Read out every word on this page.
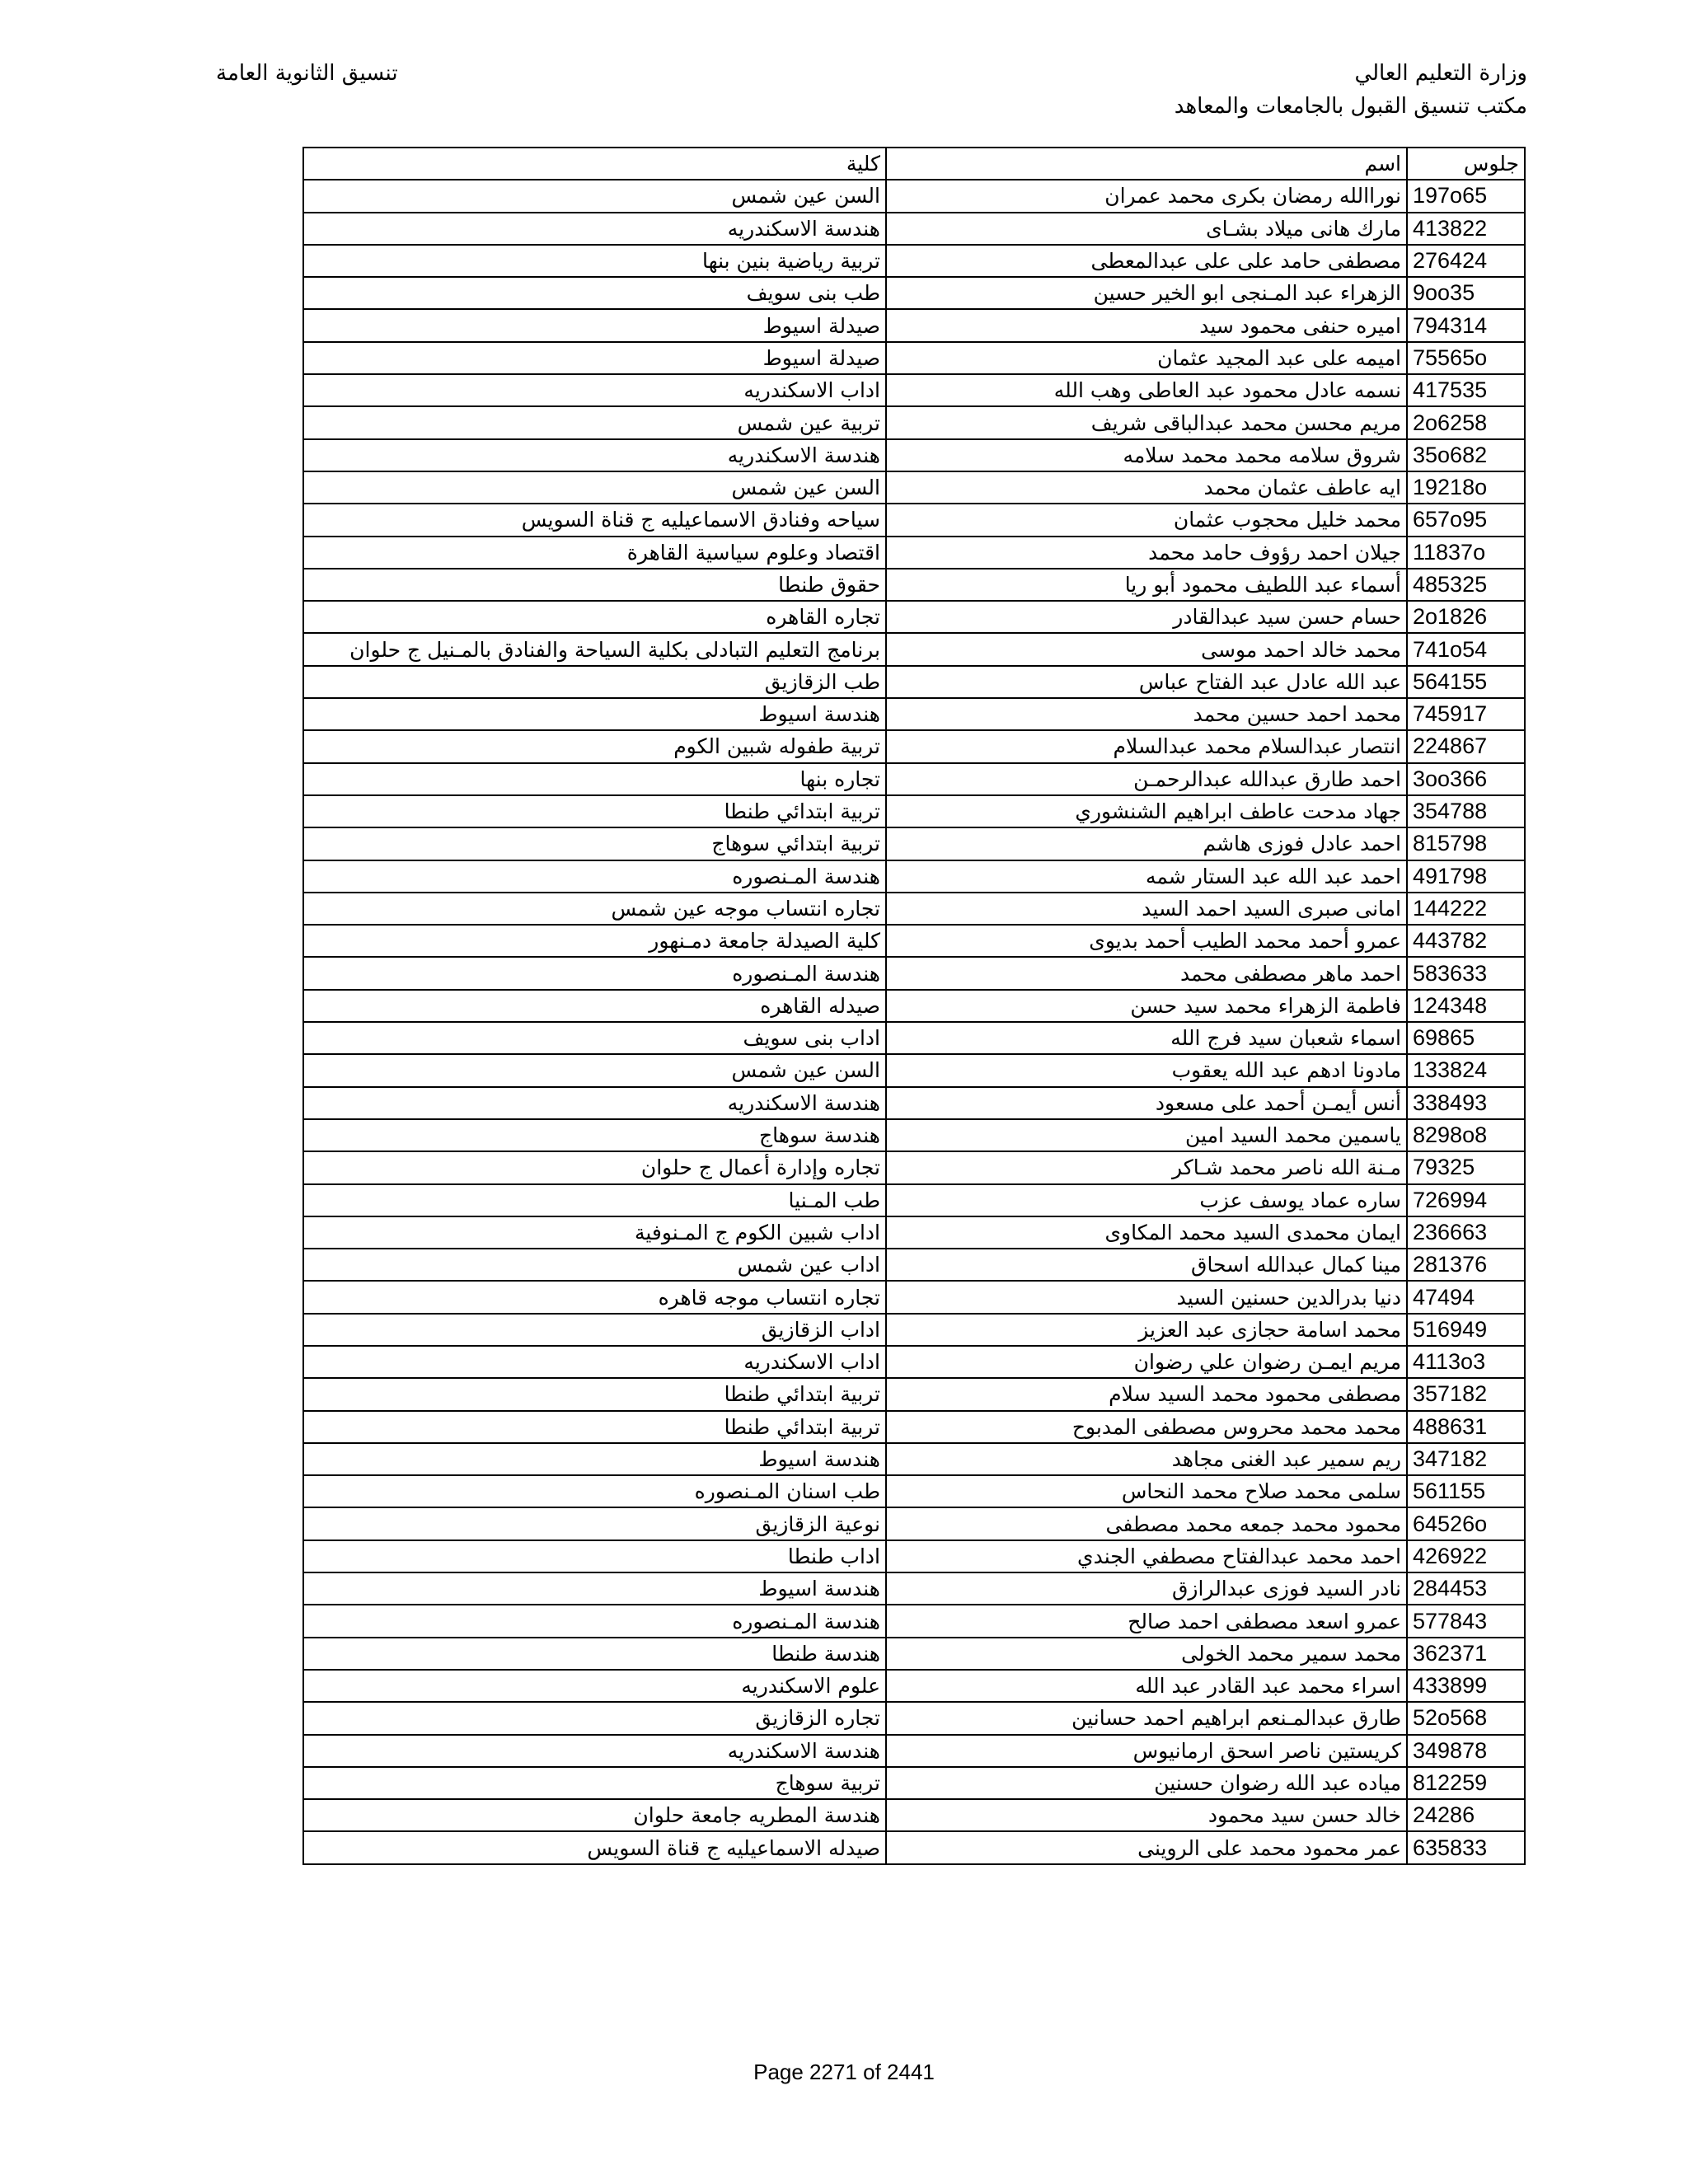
وزارة التعليم العالي
مكتب تنسيق القبول بالجامعات والمعاهد
تنسيق الثانوية العامة
جلوس	اسم	كلية
197o65	نوراالله رمضان بكرى محمد عمران	السن عين شمس
413822	مارك هانى ميلاد بشـاى	هندسة الاسكندريه
276424	مصطفى حامد على على عبدالمعطى	تربية رياضية بنين بنها
9oo35	الزهراء عبد المـنجى ابو الخير حسين	طب بنى سويف
794314	اميره حنفى محمود سيد	صيدلة اسيوط
75565o	اميمه على عبد المجيد عثمان	صيدلة اسيوط
417535	نسمه عادل محمود عبد العاطى وهب الله	اداب الاسكندريه
2o6258	مريم محسن محمد عبدالباقى شريف	تربية عين شمس
35o682	شروق سلامه محمد محمد سلامه	هندسة الاسكندريه
19218o	ايه عاطف عثمان محمد	السن عين شمس
657o95	محمد خليل محجوب عثمان	سياحه وفنادق الاسماعيليه ج قناة السويس
11837o	جيلان احمد رؤوف حامد محمد	اقتصاد وعلوم سياسية القاهرة
485325	أسماء عبد اللطيف محمود أبو ريا	حقوق طنطا
2o1826	حسام حسن سيد عبدالقادر	تجاره القاهره
741o54	محمد خالد احمد موسى	برنامج التعليم التبادلى بكلية السياحة والفنادق بالمـنيل ج حلوان
564155	عبد الله عادل عبد الفتاح عباس	طب الزقازيق
745917	محمد احمد حسين محمد	هندسة اسيوط
224867	انتصار عبدالسلام محمد عبدالسلام	تربية طفوله شبين الكوم
3oo366	احمد طارق عبدالله عبدالرحمـن	تجاره بنها
354788	جهاد مدحت عاطف ابراهيم الشنشوري	تربية ابتدائي طنطا
815798	احمد عادل فوزى هاشم	تربية ابتدائي سوهاج
491798	احمد عبد الله عبد الستار شمه	هندسة المـنصوره
144222	امانى صبرى السيد احمد السيد	تجاره انتساب موجه عين شمس
443782	عمرو أحمد محمد الطيب أحمد بديوى	كلية الصيدلة جامعة دمـنهور
583633	احمد ماهر مصطفى محمد	هندسة المـنصوره
124348	فاطمة الزهراء محمد سيد حسن	صيدله القاهره
69865	اسماء شعبان سيد فرج الله	اداب بنى سويف
133824	مادونا ادهم عبد الله يعقوب	السن عين شمس
338493	أنس أيمـن أحمد على مسعود	هندسة الاسكندريه
8298o8	ياسمين محمد السيد امين	هندسة سوهاج
79325	مـنة الله ناصر محمد شـاكر	تجاره وإدارة أعمال ج حلوان
726994	ساره عماد يوسف عزب	طب المـنيا
236663	ايمان محمدى السيد محمد المكاوى	اداب شبين الكوم ج المـنوفية
281376	مينا كمال عبدالله اسحاق	اداب عين شمس
47494	دنيا بدرالدين حسنين السيد	تجاره انتساب موجه قاهره
516949	محمد اسامة حجازى عبد العزيز	اداب الزقازيق
4113o3	مريم ايمـن رضوان علي رضوان	اداب الاسكندريه
357182	مصطفى محمود محمد السيد سلام	تربية ابتدائي طنطا
488631	محمد محمد محروس مصطفى المدبوح	تربية ابتدائي طنطا
347182	ريم سمير عبد الغنى مجاهد	هندسة اسيوط
561155	سلمى محمد صلاح محمد النحاس	طب اسنان المـنصوره
64526o	محمود محمد جمعه محمد مصطفى	نوعية الزقازيق
426922	احمد محمد عبدالفتاح مصطفي الجندي	اداب طنطا
284453	نادر السيد فوزى عبدالرازق	هندسة اسيوط
577843	عمرو اسعد مصطفى احمد صالح	هندسة المـنصوره
362371	محمد سمير محمد الخولى	هندسة طنطا
433899	اسراء محمد عبد القادر عبد الله	علوم الاسكندريه
52o568	طارق عبدالمـنعم ابراهيم احمد حسانين	تجاره الزقازيق
349878	كريستين ناصر اسحق ارمانيوس	هندسة الاسكندريه
812259	مياده عبد الله رضوان حسنين	تربية سوهاج
24286	خالد حسن سيد محمود	هندسة المطريه جامعة حلوان
635833	عمر محمود محمد على الروينى	صيدله الاسماعيليه ج قناة السويس
Page 2271 of 2441
